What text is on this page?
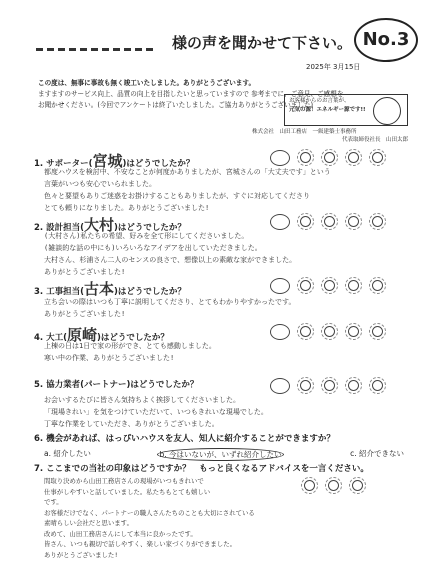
様の声を聞かせて下さい。 No.3
2025年 3月15日
この度は、無事に事故も無く竣工いたしました。ありがとうございます。
ますますのサービス向上、品質の向上を目指したいと思っていますので 参考までに、ご意見、ご感想を
お聞かせください。(今回でアンケートは終了いたしました。ご協力ありがとうございました)
お客様からのお言葉が、
元気の源！エネルギー源です!!
株式会社　山田工務店　一級建築士事務所
代表取締役社長　山田太郎
1. サポーター(宮城)はどうでしたか？
都度ハウスを検討中、不安なことが何度かありましたが、宮城さんの「大丈夫です」という
言葉がいつも安心でいられました。
色々と要望もありご迷惑をお掛けすることもありましたが、すぐに対応してくださり
とても頼りになりました。ありがとうございました!
2. 設計担当(大村)はどうでしたか？
(大村さん)私たちの希望、好みを全て形にしてくださいました。
(雑談的な話の中にも)いろいろなアイデアを出していただきました。
大村さん、杉浦さん二人のセンスの良さで、想像以上の素敵な家ができました。
ありがとうございました!
3. 工事担当(古本)はどうでしたか？
立ち会いの際はいつも丁寧に説明してくださり、とてもわかりやすかったです。
ありがとうございました!
4. 大工(原崎)はどうでしたか？
上棟の日は1日で家の形ができ、とても感動しました。
寒い中の作業、ありがとうございました!
5. 協力業者(パートナー)はどうでしたか？
お会いするたびに皆さん気持ちよく挨拶してくださいました。
「現場きれい」を気をつけていただいて、いつもきれいな現場でした。
丁寧な作業をしていただき、ありがとうございました。
6. 機会があれば、はっぴいハウスを友人、知人に紹介することができますか？
a. 紹介したい	b. 今はいないが、いずれ紹介したい	c. 紹介できない
7. ここまでの当社の印象はどうですか？　もっと良くなるアドバイスを一言ください。
間取り決めから山田工務店さんの現場がいつもきれいで
仕事がしやすいと話していました。私たちもとても嬉しい
です。
お客様だけでなく、パートナーの職人さんたちのことも大切にされている
素晴らしい会社だと思います。
改めて、山田工務店さんにして本当に良かったです。
皆さん、いつも親切で話しやすく、楽しい家づくりができました。
ありがとうございました!
